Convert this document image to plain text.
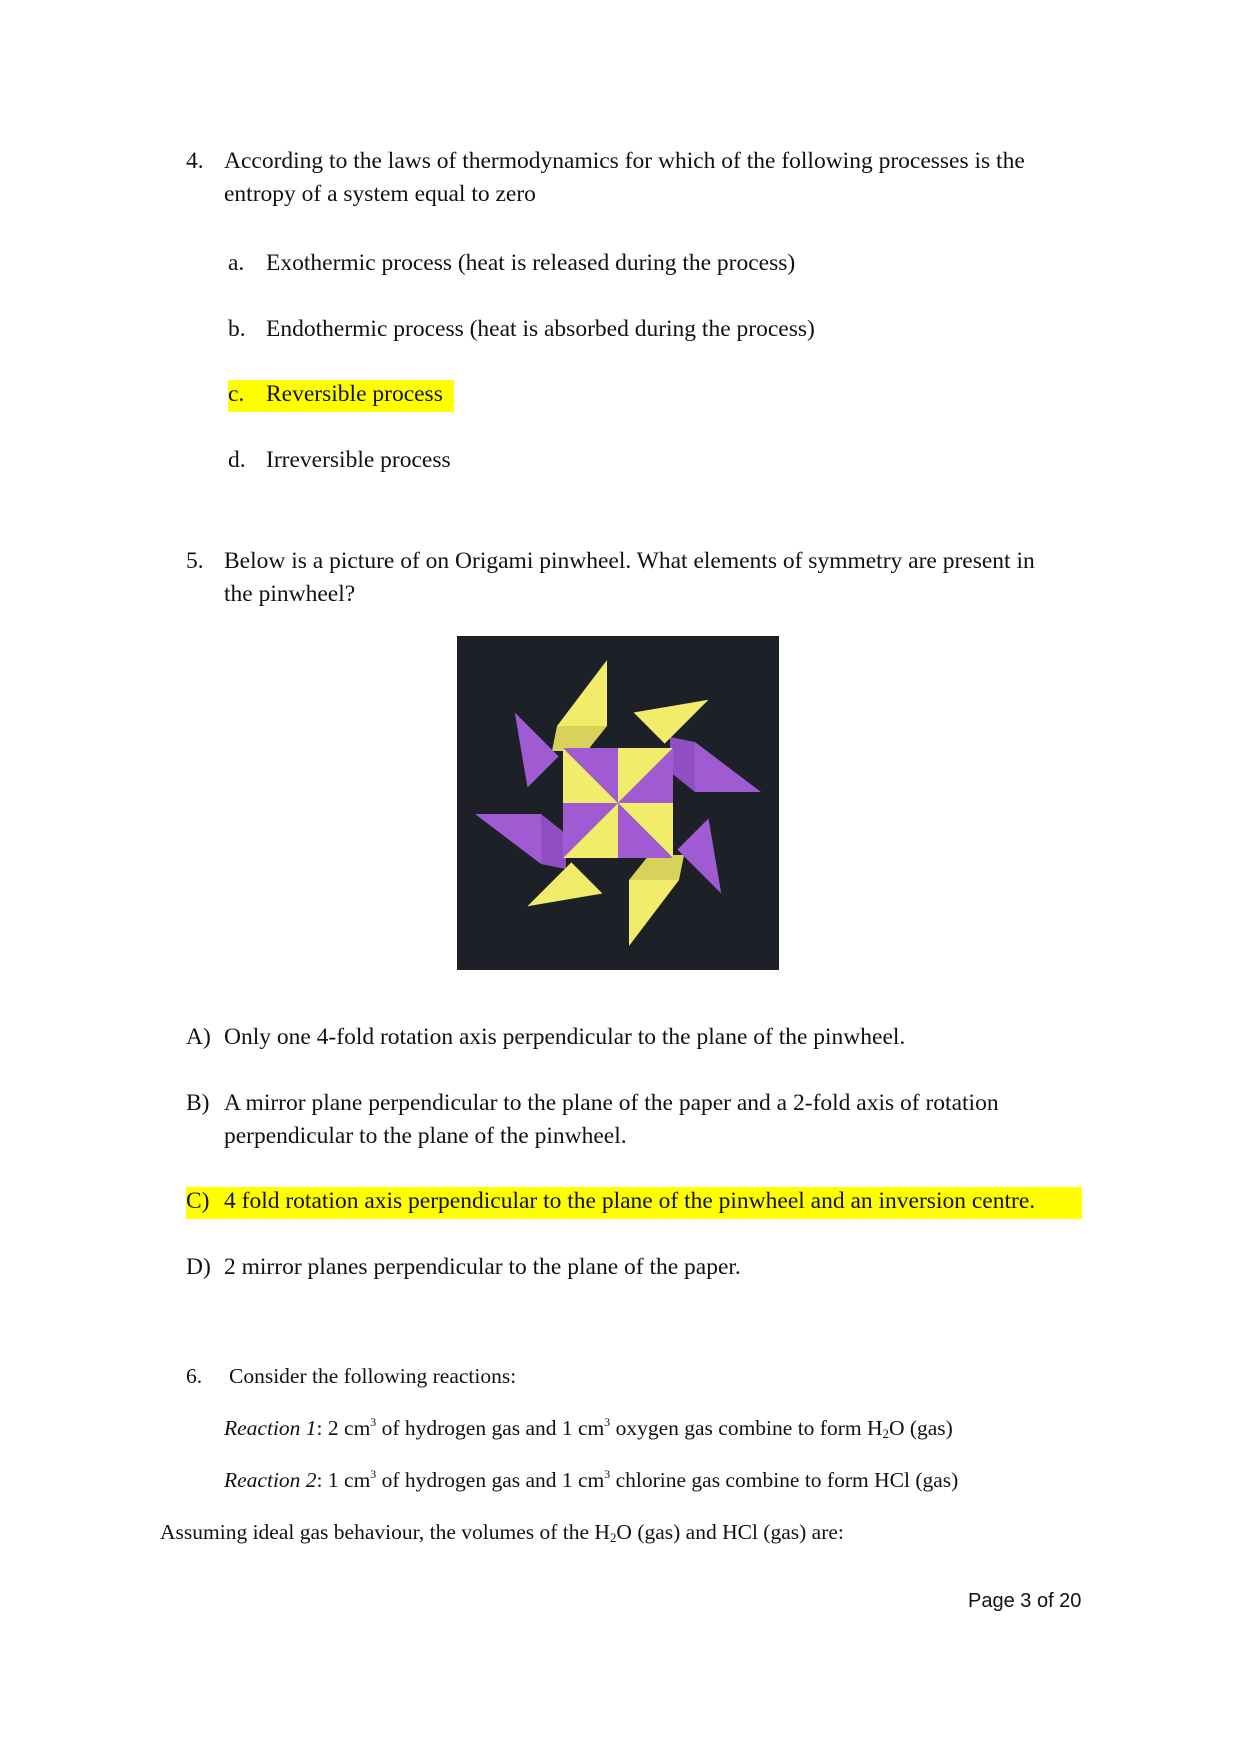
4. According to the laws of thermodynamics for which of the following processes is the
entropy of a system equal to zero
a. Exothermic process (heat is released during the process)
b. Endothermic process (heat is absorbed during the process)
c. Reversible process
d. Irreversible process
5. Below is a picture of on Origami pinwheel. What elements of symmetry are present in
the pinwheel?
A) Only one 4-fold rotation axis perpendicular to the plane of the pinwheel.
B) A mirror plane perpendicular to the plane of the paper and a 2-fold axis of rotation
perpendicular to the plane of the pinwheel.
C) 4 fold rotation axis perpendicular to the plane of the pinwheel and an inversion centre.
D) 2 mirror planes perpendicular to the plane of the paper.
6. Consider the following reactions:
Reaction 1: 2 $cm^3$ of hydrogen gas and 1 $cm^3$ oxygen gas combine to form $H_2O$ (gas)
Reaction 2: 1 $cm^3$ of hydrogen gas and 1 $cm^3$ chlorine gas combine to form HCl (gas)
Assuming ideal gas behaviour, the volumes of the $H_2O$ (gas) and HCl (gas) are:
Page 3 of 20
